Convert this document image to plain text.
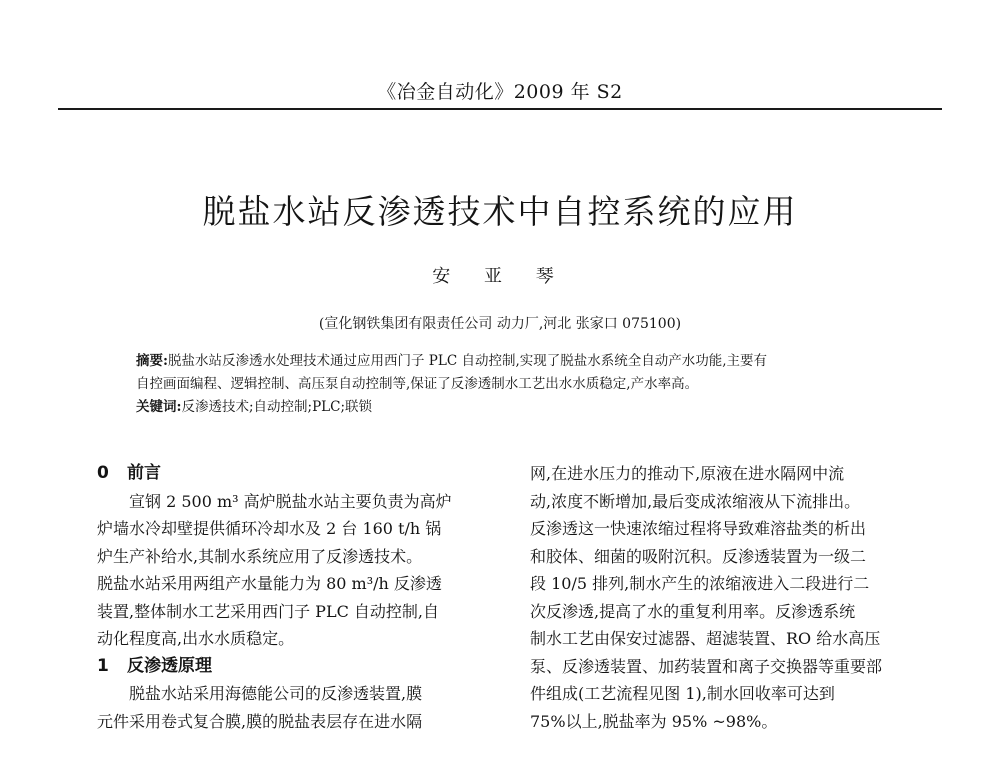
《冶金自动化》2009 年 S2
脱盐水站反渗透技术中自控系统的应用
安 亚 琴
(宣化钢铁集团有限责任公司 动力厂,河北 张家口 075100)

摘要:脱盐水站反渗透水处理技术通过应用西门子 PLC 自动控制,实现了脱盐水系统全自动产水功能,主要有
自控画面编程、逻辑控制、高压泵自动控制等,保证了反渗透制水工艺出水水质稳定,产水率高。

关键词:反渗透技术;自动控制;PLC;联锁

0 前言

宣钢 2 500 m³ 高炉脱盐水站主要负责为高炉
炉墙水冷却壁提供循环冷却水及 2 台 160 t/h 锅
炉生产补给水,其制水系统应用了反渗透技术。
脱盐水站采用两组产水量能力为 80 m³/h 反渗透
装置,整体制水工艺采用西门子 PLC 自动控制,自
动化程度高,出水水质稳定。

1 反渗透原理

脱盐水站采用海德能公司的反渗透装置,膜
元件采用卷式复合膜,膜的脱盐表层存在进水隔

网,在进水压力的推动下,原液在进水隔网中流
动,浓度不断增加,最后变成浓缩液从下流排出。
反渗透这一快速浓缩过程将导致难溶盐类的析出
和胶体、细菌的吸附沉积。反渗透装置为一级二
段 10/5 排列,制水产生的浓缩液进入二段进行二
次反渗透,提高了水的重复利用率。反渗透系统
制水工艺由保安过滤器、超滤装置、RO 给水高压
泵、反渗透装置、加药装置和离子交换器等重要部
件组成(工艺流程见图 1),制水回收率可达到
75%以上,脱盐率为 95% ~98%。
